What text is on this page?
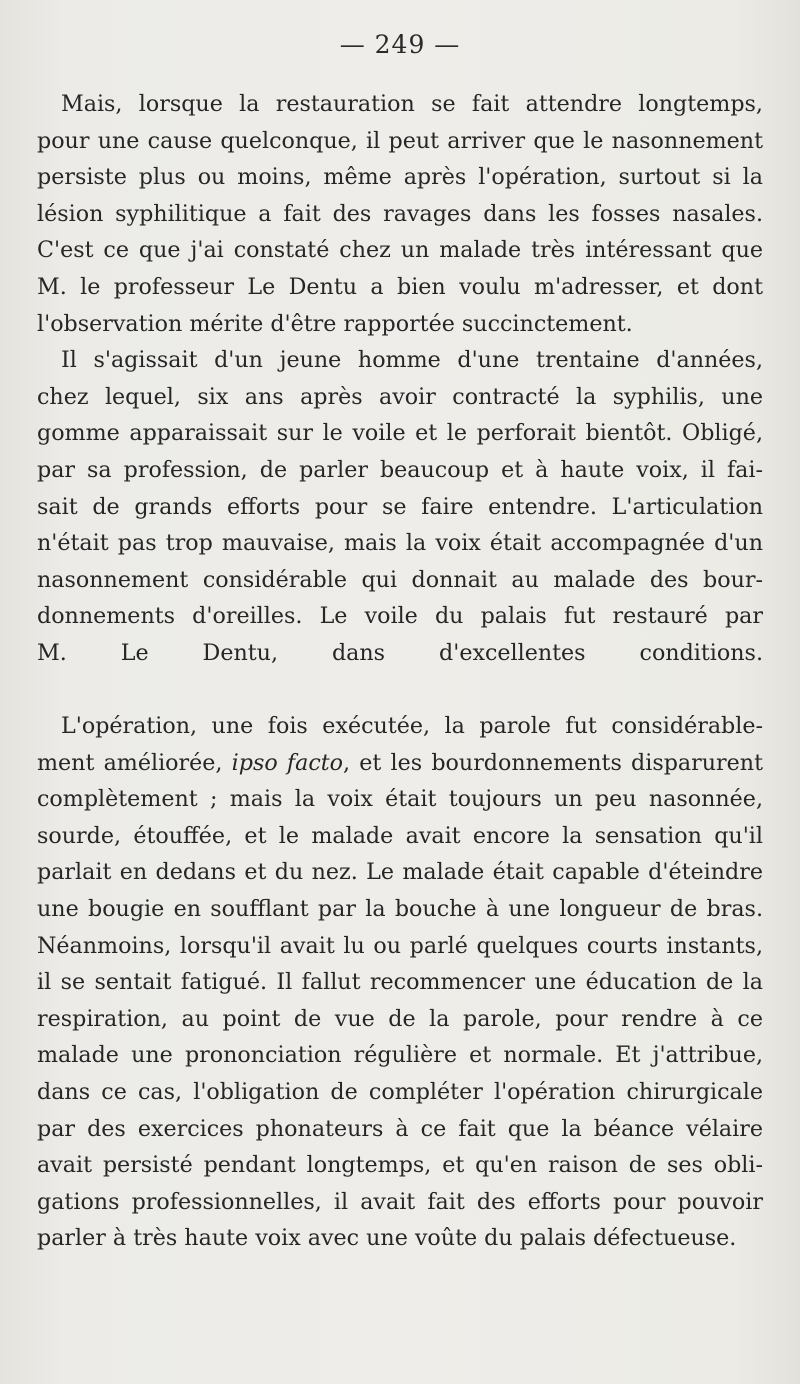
— 249 —
Mais, lorsque la restauration se fait attendre longtemps,
pour une cause quelconque, il peut arriver que le nasonnement
persiste plus ou moins, même après l'opération, surtout si la
lésion syphilitique a fait des ravages dans les fosses nasales.
C'est ce que j'ai constaté chez un malade très intéressant que
M. le professeur Le Dentu a bien voulu m'adresser, et dont
l'observation mérite d'être rapportée succinctement.
Il s'agissait d'un jeune homme d'une trentaine d'années,
chez lequel, six ans après avoir contracté la syphilis, une
gomme apparaissait sur le voile et le perforait bientôt. Obligé,
par sa profession, de parler beaucoup et à haute voix, il fai-
sait de grands efforts pour se faire entendre. L'articulation
n'était pas trop mauvaise, mais la voix était accompagnée d'un
nasonnement considérable qui donnait au malade des bour-
donnements d'oreilles. Le voile du palais fut restauré par
M. Le Dentu, dans d'excellentes conditions.
L'opération, une fois exécutée, la parole fut considérable-
ment améliorée, ipso facto, et les bourdonnements disparurent
complètement ; mais la voix était toujours un peu nasonnée,
sourde, étouffée, et le malade avait encore la sensation qu'il
parlait en dedans et du nez. Le malade était capable d'éteindre
une bougie en soufflant par la bouche à une longueur de bras.
Néanmoins, lorsqu'il avait lu ou parlé quelques courts instants,
il se sentait fatigué. Il fallut recommencer une éducation de la
respiration, au point de vue de la parole, pour rendre à ce
malade une prononciation régulière et normale. Et j'attribue,
dans ce cas, l'obligation de compléter l'opération chirurgicale
par des exercices phonateurs à ce fait que la béance vélaire
avait persisté pendant longtemps, et qu'en raison de ses obli-
gations professionnelles, il avait fait des efforts pour pouvoir
parler à très haute voix avec une voûte du palais défectueuse.
